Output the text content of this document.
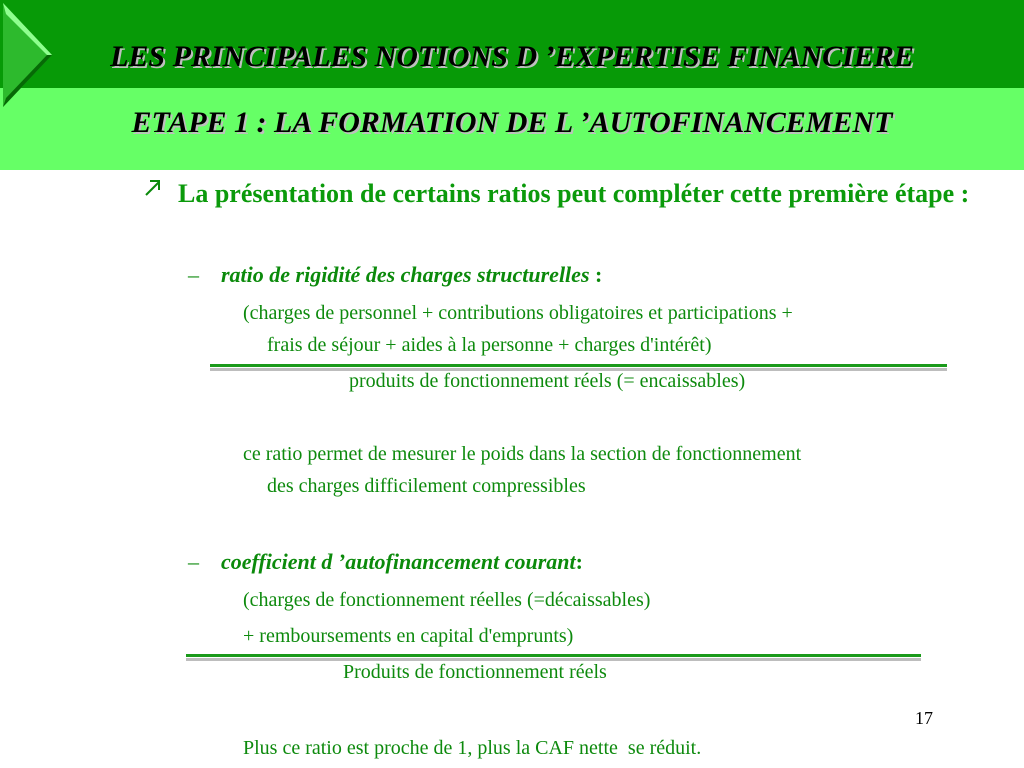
LES PRINCIPALES NOTIONS D ’EXPERTISE FINANCIERE
ETAPE 1 : LA FORMATION DE L ’AUTOFINANCEMENT
La présentation de certains ratios peut compléter cette première étape :
– ratio de rigidité des charges structurelles :
(charges de personnel + contributions obligatoires et participations +
frais de séjour + aides à la personne + charges d'intérêt)
produits de fonctionnement réels (= encaissables)
ce ratio permet de mesurer le poids dans la section de fonctionnement
des charges difficilement compressibles
– coefficient d ’autofinancement courant:
(charges de fonctionnement réelles (=décaissables)
+ remboursements en capital d'emprunts)
Produits de fonctionnement réels
17
Plus ce ratio est proche de 1, plus la CAF nette  se réduit.
